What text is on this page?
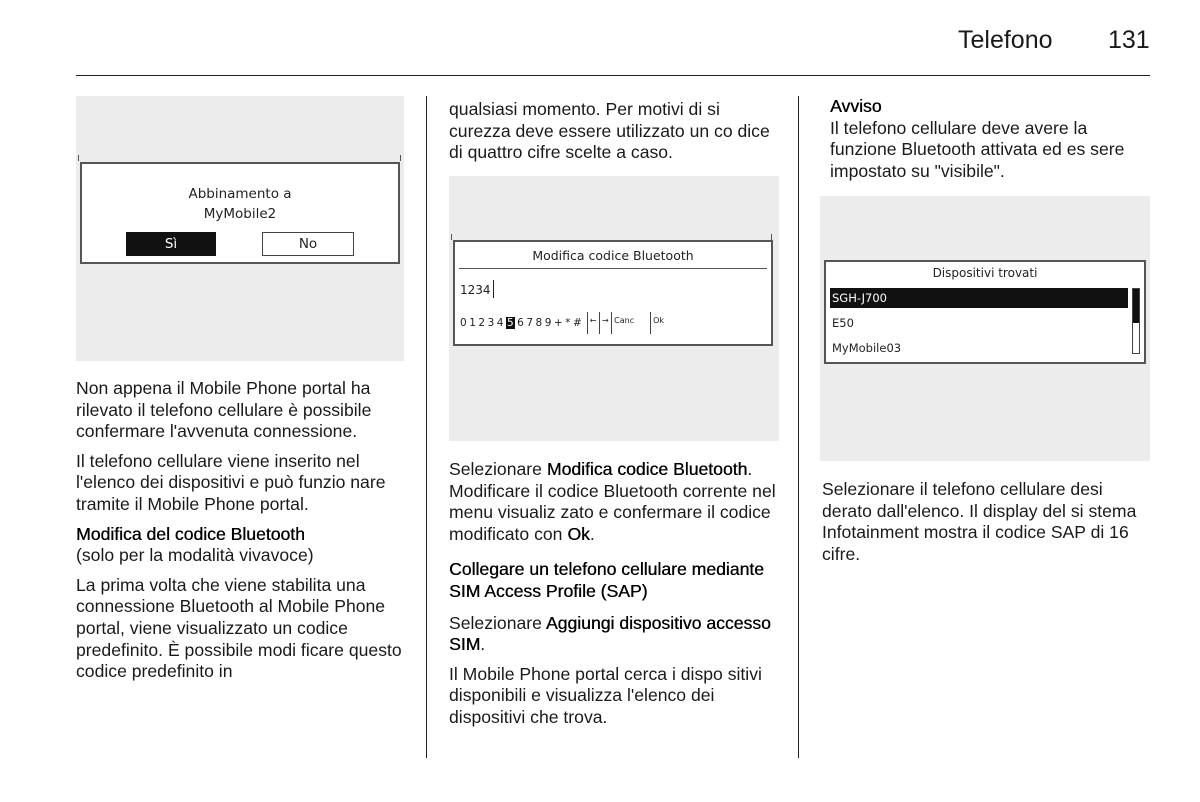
Telefono 131
Abbinamento a
MyMobile2
Sì	No

Non appena il Mobile Phone portal ha rilevato il telefono cellulare è possibile confermare l'avvenuta connessione.

Il telefono cellulare viene inserito nel l'elenco dei dispositivi e può funzio nare tramite il Mobile Phone portal.

Modifica del codice Bluetooth

(solo per la modalità vivavoce)

La prima volta che viene stabilita una connessione Bluetooth al Mobile Phone portal, viene visualizzato un codice predefinito. È possibile modi ficare questo codice predefinito in

qualsiasi momento. Per motivi di si curezza deve essere utilizzato un co dice di quattro cifre scelte a caso.

Modifica codice Bluetooth
1234
0 1 2 3 4 5 6 7 8 9 + * # ← → Canc Ok

Selezionare Modifica codice Bluetooth. Modificare il codice Bluetooth corrente nel menu visualiz zato e confermare il codice modificato con Ok.

Collegare un telefono cellulare mediante SIM Access Profile (SAP)

Selezionare Aggiungi dispositivo accesso SIM.

Il Mobile Phone portal cerca i dispo sitivi disponibili e visualizza l'elenco dei dispositivi che trova.

Avviso

Il telefono cellulare deve avere la funzione Bluetooth attivata ed es sere impostato su "visibile".

Dispositivi trovati
SGH-J700
E50
MyMobile03

Selezionare il telefono cellulare desi derato dall'elenco. Il display del si stema Infotainment mostra il codice SAP di 16 cifre.
